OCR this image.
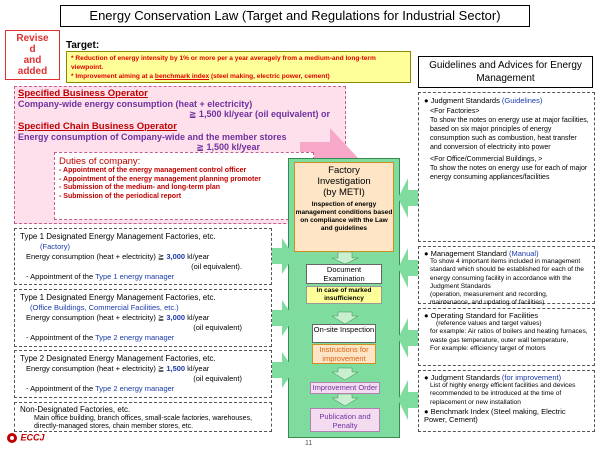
Energy Conservation Law (Target and Regulations for Industrial Sector)
Revise
d
and
added
Target:
* Reduction of energy intensity by 1% or more per a year averagely from a medium-and long-term viewpoint.
* Improvement aiming at a benchmark index (steel making, electric power, cement)
Guidelines and Advices for Energy Management
Specified Business Operator
Company-wide energy consumption (heat + electricity)
≧ 1,500 kl/year (oil equivalent) or
Specified Chain Business Operator
Energy consumption of Company-wide and the member stores
≧ 1,500 kl/year
Duties of company:
- Appointment of the energy management control officer
- Appointment of the energy management planning promoter
- Submission of the medium- and long-term plan
- Submission of the periodical report
Factory
Investigation
(by METI)
Inspection of energy management conditions based on compliance with the Law and guidelines
Document Examination
In case of marked insufficiency
On-site Inspection
Instructions for improvement
Improvement Order
Publication and Penalty
Type 1 Designated Energy Management Factories, etc.
(Factory)
Energy consumption (heat + electricity) ≧ 3,000 kl/year
(oil equivalent).
- Appointment of the Type 1 energy manager
Type 1 Designated Energy Management Factories, etc.
(Office Buildings, Commercial Facilities, etc.)
Energy consumption (heat + electricity) ≧ 3,000 kl/year
(oil equivalent)
- Appointment of the Type 2 energy manager
Type 2 Designated Energy Management Factories, etc.
Energy consumption (heat + electricity) ≧ 1,500 kl/year
(oil equivalent)
- Appointment of the Type 2 energy manager
Non-Designated Factories, etc.
Main office building, branch offices, small-scale factories, warehouses, directly-managed stores, chain member stores, etc.
● Judgment Standards (Guidelines)
<For Factories>
To show the notes on energy use at major facilities, based on six major principles of energy consumption such as combustion, heat transfer and conversion of electricity into power
<For Office/Commercial Buildings, >
To show the notes on energy use for each of major energy consuming appliances/facilities
● Management Standard (Manual)
To show 4 important items included in management standard which should be established for each of the energy consuming facility in accordance with the Judgment Standards
(operation, measurement and recording, maintenance, and updating of facilities)
● Operating Standard for Facilities
(reference values and target values)
for example: Air ratios of boilers and heating furnaces, waste gas temperature, outer wall temperature,
For example: efficiency target of motors
● Judgment Standards (for improvement)
List of highly energy efficient facilities and devices recommended to be introduced at the time of replacement or new installation
● Benchmark Index (Steel making, Electric Power, Cement)
ECCJ
11
